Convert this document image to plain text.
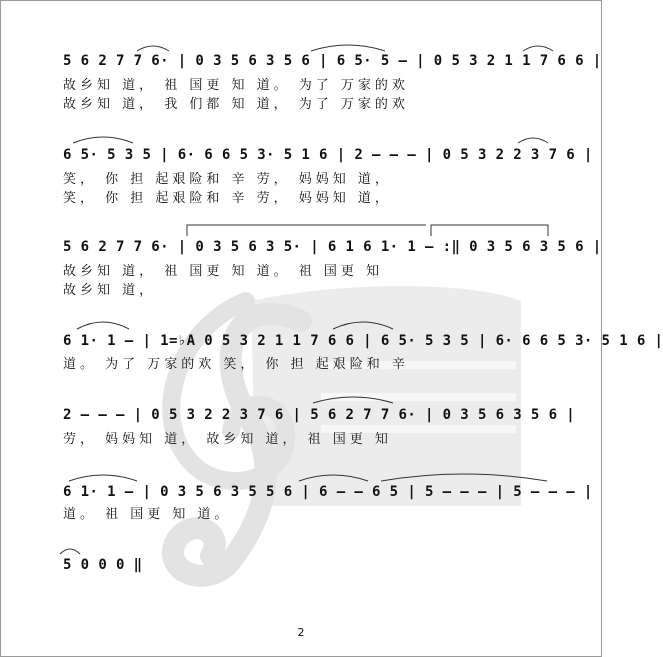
5 6 2 7 7 6· | 0 3 5 6 3 5 6 | 6 5· 5 – | 0 5 3 2 1 1 7 6 6 |
故乡知 道， 祖 国更 知 道。 为了 万家的欢
故乡知 道， 我 们都 知 道， 为了 万家的欢
6 5· 5 3 5 | 6· 6 6 5 3· 5 1 6 | 2 – – – | 0 5 3 2 2 3 7 6 |
笑， 你 担 起艰险和 辛 劳， 妈妈知 道，
笑， 你 担 起艰险和 辛 劳， 妈妈知 道，
5 6 2 7 7 6· | 0 3 5 6 3 5· | 6 1 6 1· 1 – :‖ 0 3 5 6 3 5 6 |
故乡知 道， 祖 国更 知 道。 祖 国更 知
故乡知 道，
6 1· 1 – | 1=♭A 0 5 3 2 1 1 7 6 6 | 6 5· 5 3 5 | 6· 6 6 5 3· 5 1 6 |
道。 为了 万家的欢 笑， 你 担 起艰险和 辛
2 – – – | 0 5 3 2 2 3 7 6 | 5 6 2 7 7 6· | 0 3 5 6 3 5 6 |
劳， 妈妈知 道， 故乡知 道， 祖 国更 知
6 1· 1 – | 0 3 5 6 3 5 5 6 | 6 – – 6 5 | 5 – – – | 5 – – – |
道。 祖 国更 知 道。
5 0 0 0 ‖
2
